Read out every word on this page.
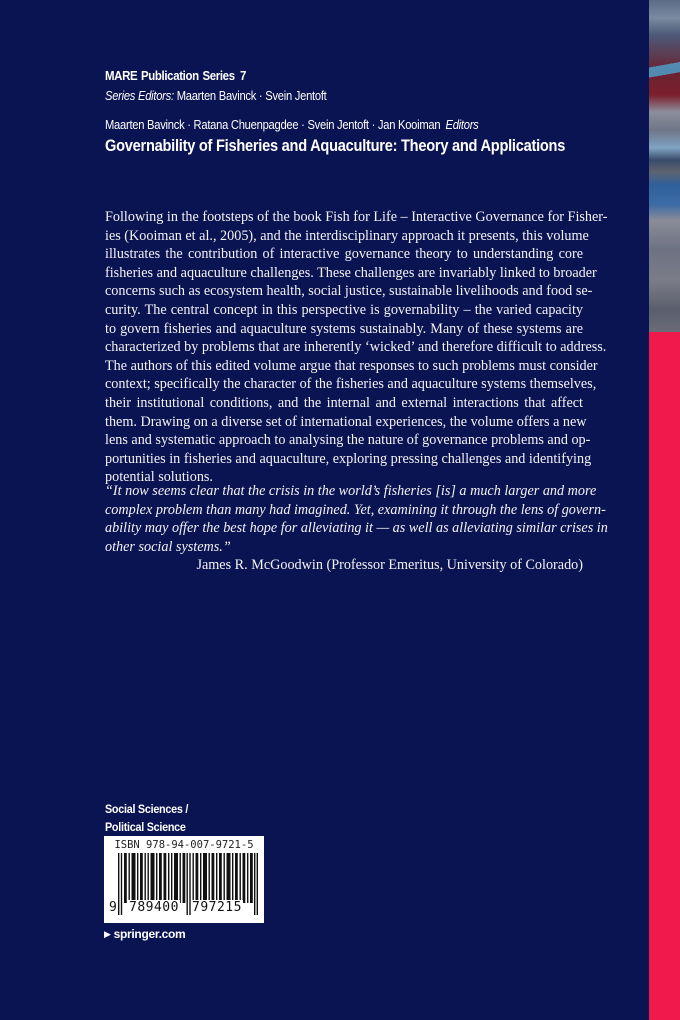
MARE Publication Series 7
Series Editors: Maarten Bavinck · Svein Jentoft
Maarten Bavinck · Ratana Chuenpagdee · Svein Jentoft · Jan Kooiman Editors
Governability of Fisheries and Aquaculture: Theory and Applications
Following in the footsteps of the book Fish for Life – Interactive Governance for Fisher-
ies (Kooiman et al., 2005), and the interdisciplinary approach it presents, this volume
illustrates the contribution of interactive governance theory to understanding core
fisheries and aquaculture challenges. These challenges are invariably linked to broader
concerns such as ecosystem health, social justice, sustainable livelihoods and food se-
curity. The central concept in this perspective is governability – the varied capacity
to govern fisheries and aquaculture systems sustainably. Many of these systems are
characterized by problems that are inherently ‘wicked’ and therefore difficult to address.
The authors of this edited volume argue that responses to such problems must consider
context; specifically the character of the fisheries and aquaculture systems themselves,
their institutional conditions, and the internal and external interactions that affect
them. Drawing on a diverse set of international experiences, the volume offers a new
lens and systematic approach to analysing the nature of governance problems and op-
portunities in fisheries and aquaculture, exploring pressing challenges and identifying
potential solutions.
“It now seems clear that the crisis in the world’s fisheries [is] a much larger and more
complex problem than many had imagined. Yet, examining it through the lens of govern-
ability may offer the best hope for alleviating it — as well as alleviating similar crises in
other social systems.”
James R. McGoodwin (Professor Emeritus, University of Colorado)
Social Sciences /
Political Science
ISBN 978-94-007-9721-5
9 789400 797215
▶ springer.com
